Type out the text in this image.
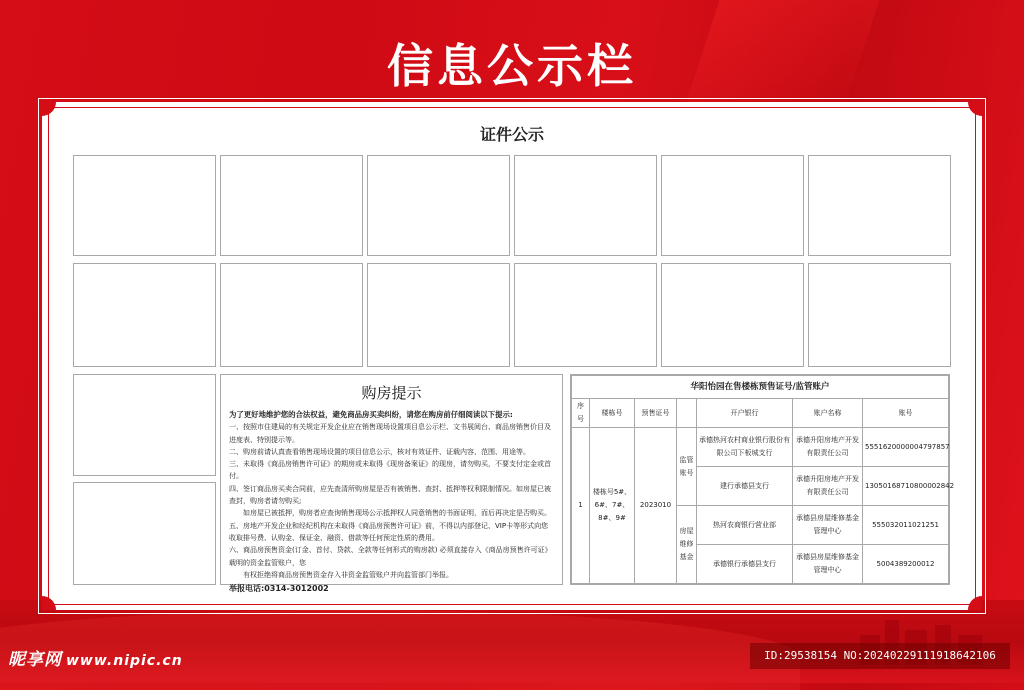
信息公示栏
证件公示
购房提示
为了更好地维护您的合法权益，避免商品房买卖纠纷，请您在购房前仔细阅读以下提示:
一、按照市住建局的有关规定开发企业应在销售现场设置项目息公示栏、文书展阅台、商品房销售价目及进度表、特别提示等。
二、购房前请认真查看销售现场设置的项目信息公示，核对有效证件、证载内容、范围、用途等。
三、未取得《商品房销售许可证》的期房或未取得《现房备案证》的现房，请勿购买，不要支付定金或首付。
四、签订商品房买卖合同前，应先查清所购房屋是否有被销售、查封、抵押等权利限制情况。如房屋已被查封，购房者请勿购买;
如房屋已被抵押，购房者应查询销售现场公示抵押权人同意销售的书面证明，而后再决定是否购买。
五、房地产开发企业和经纪机构在未取得《商品房预售许可证》前，不得以内部登记、VIP卡等形式向您收取排号费、认购金、保证金、融资、借款等任何预定性质的费用。
六、商品房预售资金(订金、首付、贷款、全款等任何形式的购房款) 必须直接存入《商品房预售许可证》载明的资金监管账户，您
有权拒绝将商品房预售资金存入非资金监管账户并向监管部门举报。
举报电话:0314-3012002
华阳怡园在售楼栋预售证号/监管账户						
序号	楼栋号	预售证号		开户银行	账户名称	账号
1	楼栋号5#、6#、7#、8#、9#	2023010	监管账号	承德热河农村商业银行股份有限公司下板城支行	承德升阳房地产开发有限责任公司	5551620000004797857
				建行承德县支行	承德升阳房地产开发有限责任公司	13050168710800002842
			房屋维修基金	热河农商银行营业部	承德县房屋维修基金管理中心	555032011021251
				承德银行承德县支行	承德县房屋维修基金管理中心	5004389200012
昵享网 www.nipic.cn	ID:29538154 NO:20240229111918642106
